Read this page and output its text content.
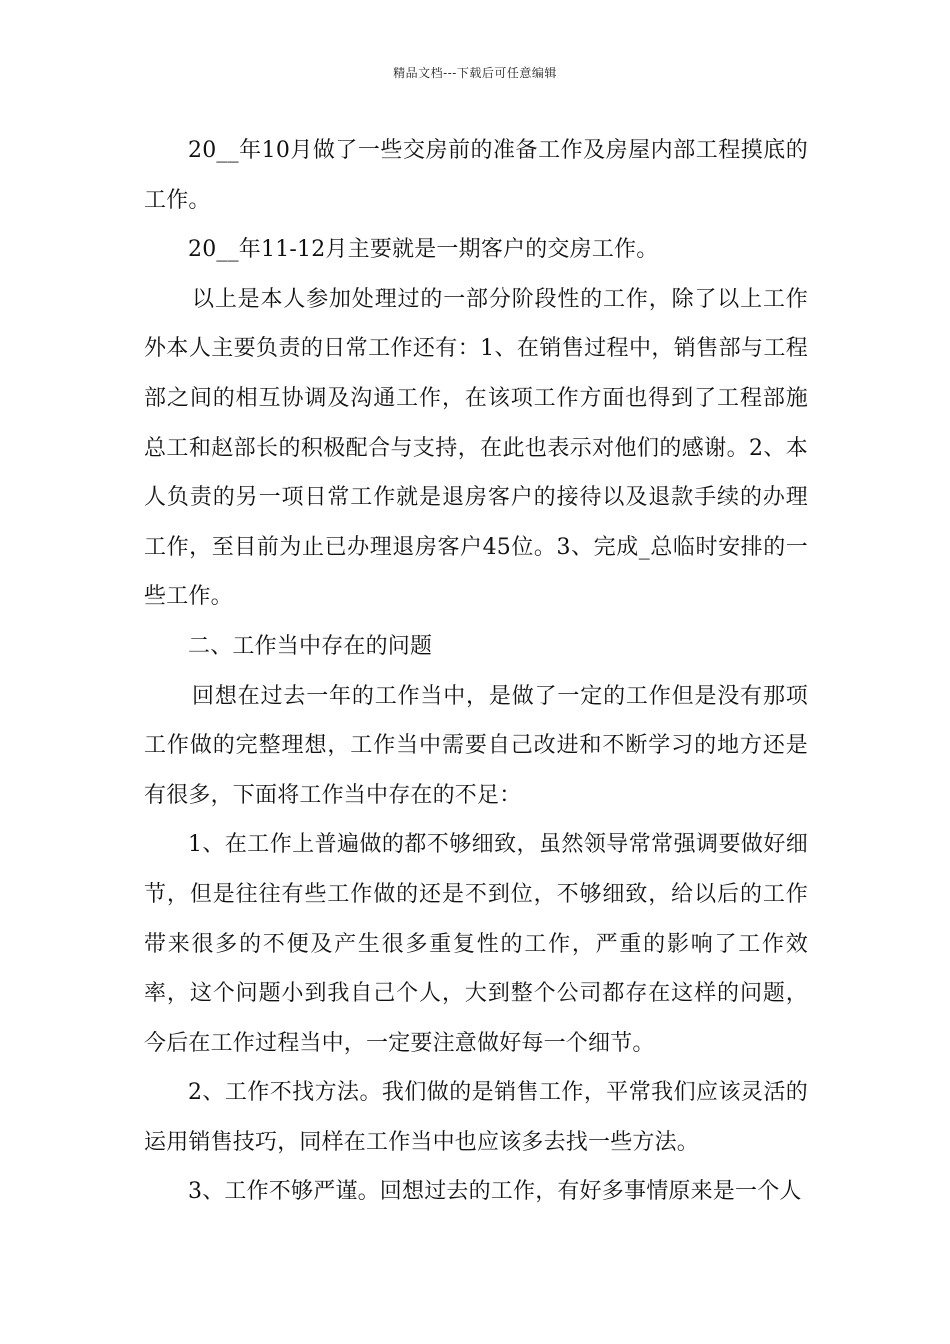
精品文档---下载后可任意编辑

20__年10月做了一些交房前的准备工作及房屋内部工程摸底的工作。

20__年11-12月主要就是一期客户的交房工作。

以上是本人参加处理过的一部分阶段性的工作，除了以上工作外本人主要负责的日常工作还有：1、在销售过程中，销售部与工程部之间的相互协调及沟通工作，在该项工作方面也得到了工程部施总工和赵部长的积极配合与支持，在此也表示对他们的感谢。2、本人负责的另一项日常工作就是退房客户的接待以及退款手续的办理工作，至目前为止已办理退房客户45位。3、完成_总临时安排的一些工作。

二、工作当中存在的问题

回想在过去一年的工作当中，是做了一定的工作但是没有那项工作做的完整理想，工作当中需要自己改进和不断学习的地方还是有很多，下面将工作当中存在的不足：

1、在工作上普遍做的都不够细致，虽然领导常常强调要做好细节，但是往往有些工作做的还是不到位，不够细致，给以后的工作带来很多的不便及产生很多重复性的工作，严重的影响了工作效率，这个问题小到我自己个人，大到整个公司都存在这样的问题，今后在工作过程当中，一定要注意做好每一个细节。

2、工作不找方法。我们做的是销售工作，平常我们应该灵活的运用销售技巧，同样在工作当中也应该多去找一些方法。

3、工作不够严谨。回想过去的工作，有好多事情原来是一个人
